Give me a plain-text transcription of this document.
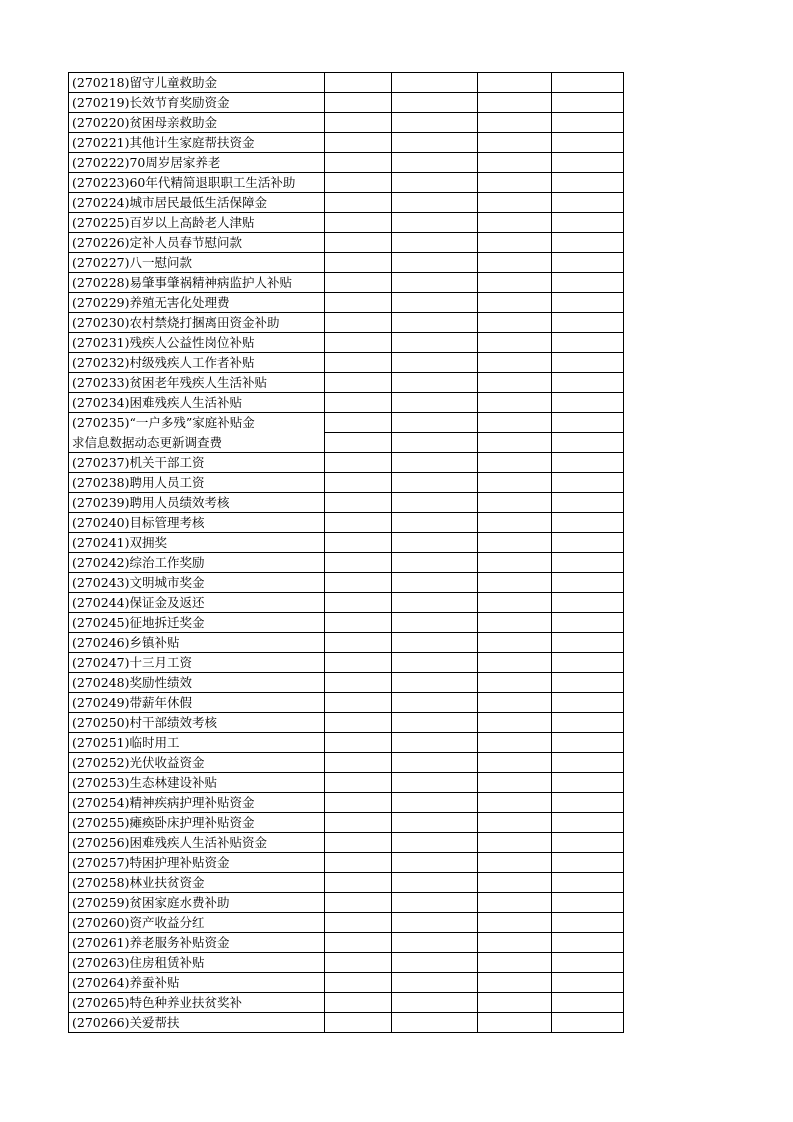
(270218)留守儿童救助金				
(270219)长效节育奖励资金				
(270220)贫困母亲救助金				
(270221)其他计生家庭帮扶资金				
(270222)70周岁居家养老				
(270223)60年代精简退职职工生活补助				
(270224)城市居民最低生活保障金				
(270225)百岁以上高龄老人津贴				
(270226)定补人员春节慰问款				
(270227)八一慰问款				
(270228)易肇事肇祸精神病监护人补贴				
(270229)养殖无害化处理费				
(270230)农村禁烧打捆离田资金补助				
(270231)残疾人公益性岗位补贴				
(270232)村级残疾人工作者补贴				
(270233)贫困老年残疾人生活补贴				
(270234)困难残疾人生活补贴				
(270235)“一户多残”家庭补贴金				
求信息数据动态更新调查费				
(270237)机关干部工资				
(270238)聘用人员工资				
(270239)聘用人员绩效考核				
(270240)目标管理考核				
(270241)双拥奖				
(270242)综治工作奖励				
(270243)文明城市奖金				
(270244)保证金及返还				
(270245)征地拆迁奖金				
(270246)乡镇补贴				
(270247)十三月工资				
(270248)奖励性绩效				
(270249)带薪年休假				
(270250)村干部绩效考核				
(270251)临时用工				
(270252)光伏收益资金				
(270253)生态林建设补贴				
(270254)精神疾病护理补贴资金				
(270255)瘫痪卧床护理补贴资金				
(270256)困难残疾人生活补贴资金				
(270257)特困护理补贴资金				
(270258)林业扶贫资金				
(270259)贫困家庭水费补助				
(270260)资产收益分红				
(270261)养老服务补贴资金				
(270263)住房租赁补贴				
(270264)养蚕补贴				
(270265)特色种养业扶贫奖补				
(270266)关爱帮扶				
